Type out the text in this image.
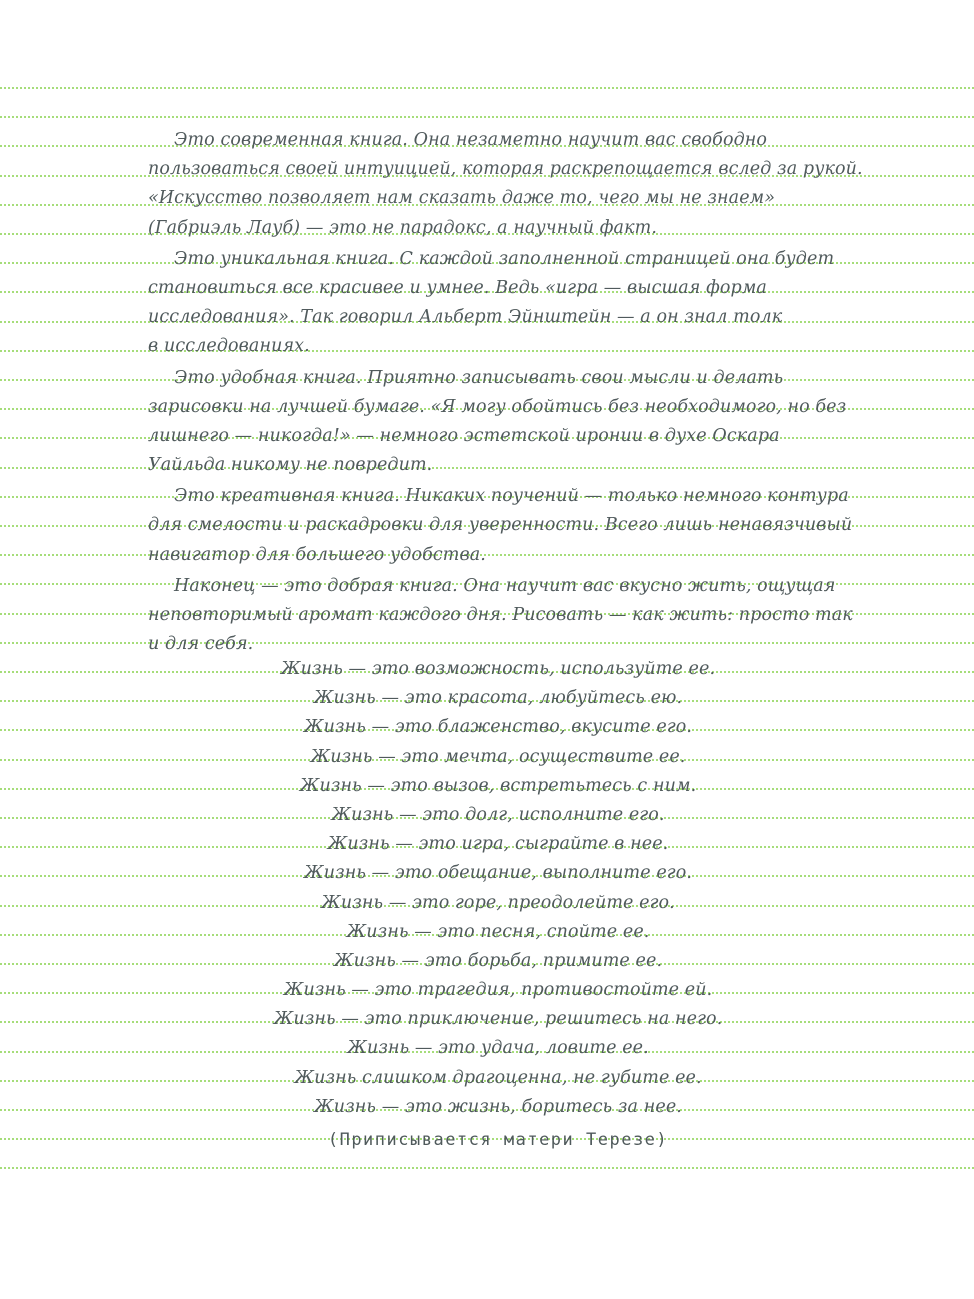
Это современная книга. Она незаметно научит вас свободно
пользоваться своей интуицией, которая раскрепощается вслед за рукой.
«Искусство позволяет нам сказать даже то, чего мы не знаем»
(Габриэль Лауб) — это не парадокс, а научный факт.
Это уникальная книга. С каждой заполненной страницей она будет
становиться все красивее и умнее. Ведь «игра — высшая форма
исследования». Так говорил Альберт Эйнштейн — а он знал толк
в исследованиях.
Это удобная книга. Приятно записывать свои мысли и делать
зарисовки на лучшей бумаге. «Я могу обойтись без необходимого, но без
лишнего — никогда!» — немного эстетской иронии в духе Оскара
Уайльда никому не повредит.
Это креативная книга. Никаких поучений — только немного контура
для смелости и раскадровки для уверенности. Всего лишь ненавязчивый
навигатор для большего удобства.
Наконец — это добрая книга. Она научит вас вкусно жить, ощущая
неповторимый аромат каждого дня. Рисовать — как жить: просто так
и для себя.
Жизнь — это возможность, используйте ее.
Жизнь — это красота, любуйтесь ею.
Жизнь — это блаженство, вкусите его.
Жизнь — это мечта, осуществите ее.
Жизнь — это вызов, встретьтесь с ним.
Жизнь — это долг, исполните его.
Жизнь — это игра, сыграйте в нее.
Жизнь — это обещание, выполните его.
Жизнь — это горе, преодолейте его.
Жизнь — это песня, спойте ее.
Жизнь — это борьба, примите ее.
Жизнь — это трагедия, противостойте ей.
Жизнь — это приключение, решитесь на него.
Жизнь — это удача, ловите ее.
Жизнь слишком драгоценна, не губите ее.
Жизнь — это жизнь, боритесь за нее.
(Приписывается матери Терезе)
